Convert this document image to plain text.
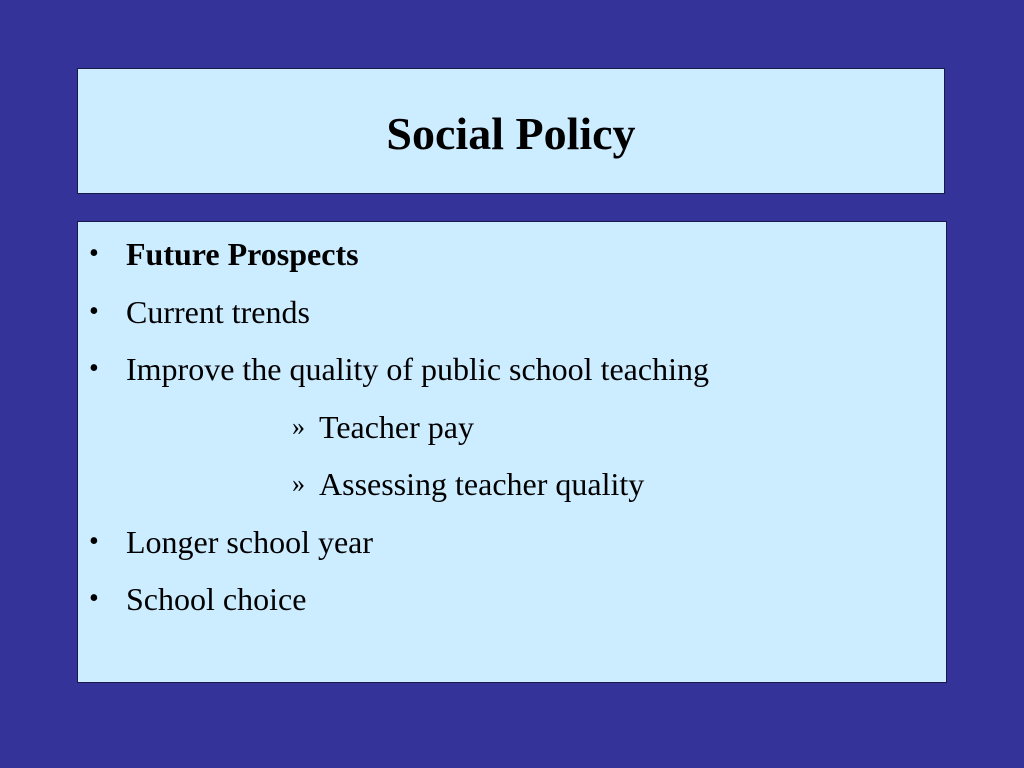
Social Policy
• Future Prospects
• Current trends
• Improve the quality of public school teaching
» Teacher pay
» Assessing teacher quality
• Longer school year
• School choice
